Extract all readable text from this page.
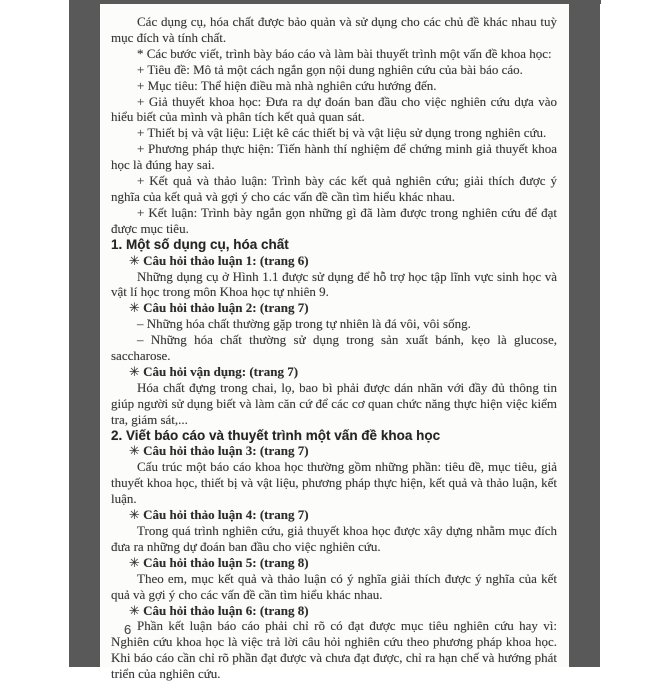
Các dụng cụ, hóa chất được bảo quản và sử dụng cho các chủ đề khác nhau tuỳ mục đích và tính chất.

* Các bước viết, trình bày báo cáo và làm bài thuyết trình một vấn đề khoa học:

+ Tiêu đề: Mô tả một cách ngắn gọn nội dung nghiên cứu của bài báo cáo.

+ Mục tiêu: Thể hiện điều mà nhà nghiên cứu hướng đến.

+ Giả thuyết khoa học: Đưa ra dự đoán ban đầu cho việc nghiên cứu dựa vào hiểu biết của mình và phân tích kết quả quan sát.

+ Thiết bị và vật liệu: Liệt kê các thiết bị và vật liệu sử dụng trong nghiên cứu.

+ Phương pháp thực hiện: Tiến hành thí nghiệm để chứng minh giả thuyết khoa học là đúng hay sai.

+ Kết quả và thảo luận: Trình bày các kết quả nghiên cứu; giải thích được ý nghĩa của kết quả và gợi ý cho các vấn đề cần tìm hiểu khác nhau.

+ Kết luận: Trình bày ngắn gọn những gì đã làm được trong nghiên cứu để đạt được mục tiêu.

1. Một số dụng cụ, hóa chất

✳ Câu hỏi thảo luận 1: (trang 6)

Những dụng cụ ở Hình 1.1 được sử dụng để hỗ trợ học tập lĩnh vực sinh học và vật lí học trong môn Khoa học tự nhiên 9.

✳ Câu hỏi thảo luận 2: (trang 7)

– Những hóa chất thường gặp trong tự nhiên là đá vôi, vôi sống.

– Những hóa chất thường sử dụng trong sản xuất bánh, kẹo là glucose, saccharose.

✳ Câu hỏi vận dụng: (trang 7)

Hóa chất đựng trong chai, lọ, bao bì phải được dán nhãn với đầy đủ thông tin giúp người sử dụng biết và làm căn cứ để các cơ quan chức năng thực hiện việc kiểm tra, giám sát,...

2. Viết báo cáo và thuyết trình một vấn đề khoa học

✳ Câu hỏi thảo luận 3: (trang 7)

Cấu trúc một báo cáo khoa học thường gồm những phần: tiêu đề, mục tiêu, giả thuyết khoa học, thiết bị và vật liệu, phương pháp thực hiện, kết quả và thảo luận, kết luận.

✳ Câu hỏi thảo luận 4: (trang 7)

Trong quá trình nghiên cứu, giả thuyết khoa học được xây dựng nhằm mục đích đưa ra những dự đoán ban đầu cho việc nghiên cứu.

✳ Câu hỏi thảo luận 5: (trang 8)

Theo em, mục kết quả và thảo luận có ý nghĩa giải thích được ý nghĩa của kết quả và gợi ý cho các vấn đề cần tìm hiểu khác nhau.

✳ Câu hỏi thảo luận 6: (trang 8)

Phần kết luận báo cáo phải chỉ rõ có đạt được mục tiêu nghiên cứu hay vì: Nghiên cứu khoa học là việc trả lời câu hỏi nghiên cứu theo phương pháp khoa học. Khi báo cáo cần chỉ rõ phần đạt được và chưa đạt được, chỉ ra hạn chế và hướng phát triển của nghiên cứu.

6
